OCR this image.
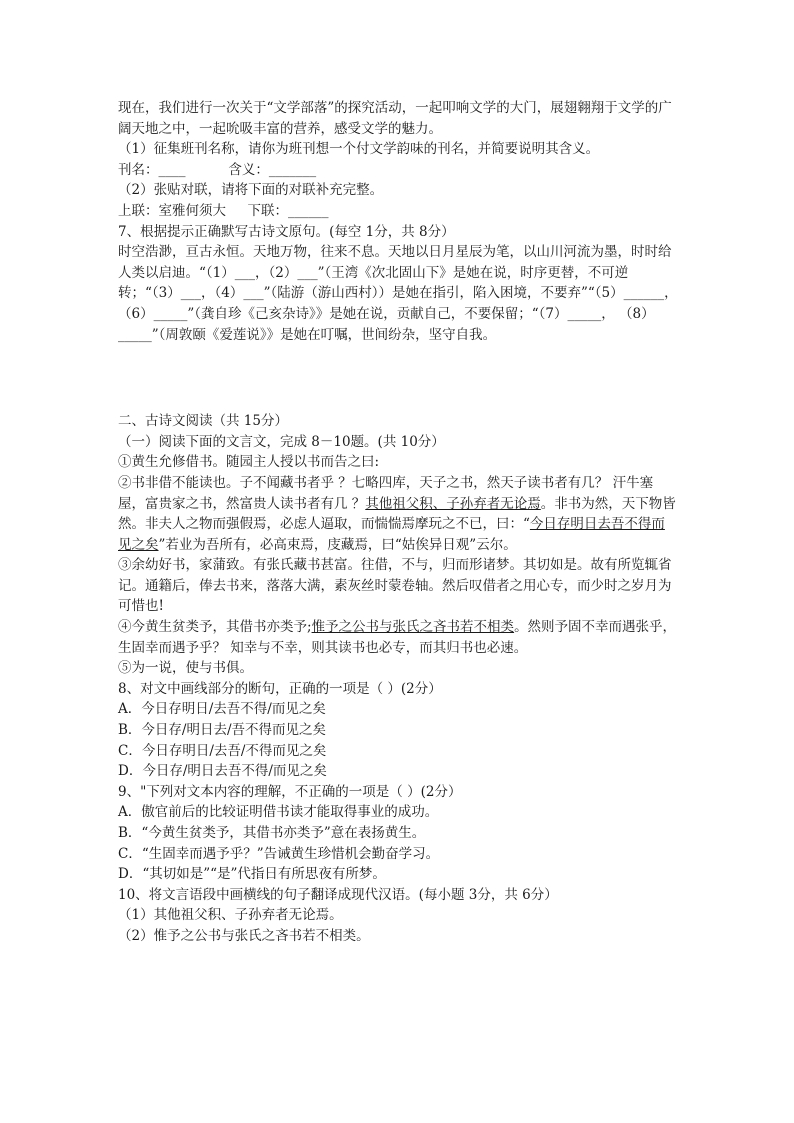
现在，我们进行一次关于“文学部落”的探究活动，一起叩响文学的大门，展翅翱翔于文学的广阔天地之中，一起吮吸丰富的营养，感受文学的魅力。

（1）征集班刊名称，请你为班刊想一个付文学韵味的刊名，并简要说明其含义。

刊名：____          含义：_______

（2）张贴对联，请将下面的对联补充完整。

上联：室雅何须大     下联：______

7、根据提示正确默写古诗文原句。(每空 1分，共 8分）

时空浩渺，亘古永恒。天地万物，往来不息。天地以日月星辰为笔，以山川河流为墨，时时给人类以启迪。“（1）___，（2）___”（王湾《次北固山下》是她在说，时序更替，不可逆转；“（3）___，（4）___”（陆游（游山西村））是她在指引，陷入困境，不要弃”“（5）______，（6）_____”（龚自珍《己亥杂诗》》是她在说，贡献自己，不要保留；“（7）_____， （8）_____”（周敦颐《爱莲说》》是她在叮嘱，世间纷杂，坚守自我。

二、古诗文阅读（共 15分）

（一）阅读下面的文言文，完成 8－10题。(共 10分）

①黄生允修借书。随园主人授以书而告之曰:

②书非借不能读也。子不闻藏书者乎 ？七略四库，天子之书，然天子读书者有几？ 汗牛塞屋，富贵家之书，然富贵人读书者有几 ？其他祖父积、子孙弃者无论焉。非书为然，天下物皆然。非夫人之物而强假焉，必虑人逼取，而惴惴焉摩玩之不已，曰：“今日存明日去吾不得而见之矣”若业为吾所有，必高束焉，庋藏焉，曰“姑俟异日观”云尔。

③余幼好书，家蒲致。有张氏藏书甚富。往借，不与，归而形诸梦。其切如是。故有所览辄省记。通籍后，俸去书来，落落大满，素灰丝时蒙卷轴。然后叹借者之用心专，而少时之岁月为可惜也!

④今黄生贫类予，其借书亦类予;惟予之公书与张氏之吝书若不相类。然则予固不幸而遇张乎，生固幸而遇予乎？ 知幸与不幸，则其读书也必专，而其归书也必速。

⑤为一说，使与书俱。

8、对文中画线部分的断句，正确的一项是（ ）(2分）

A．今日存明日/去吾不得/而见之矣

B．今日存/明日去/吾不得而见之矣

C．今日存明日/去吾/不得而见之矣

D．今日存/明日去吾不得/而见之矣

9、"下列对文本内容的理解，不正确的一项是（ ）(2分）

A．傲官前后的比较证明借书读才能取得事业的成功。

B．“今黄生贫类予，其借书亦类予”意在表扬黄生。

C．“生固幸而遇予乎？”告诫黄生珍惜机会勤奋学习。

D．“其切如是”“是”代指日有所思夜有所梦。

10、将文言语段中画横线的句子翻译成现代汉语。(每小题 3分，共 6分）

（1）其他祖父积、子孙弃者无论焉。

（2）惟予之公书与张氏之吝书若不相类。
